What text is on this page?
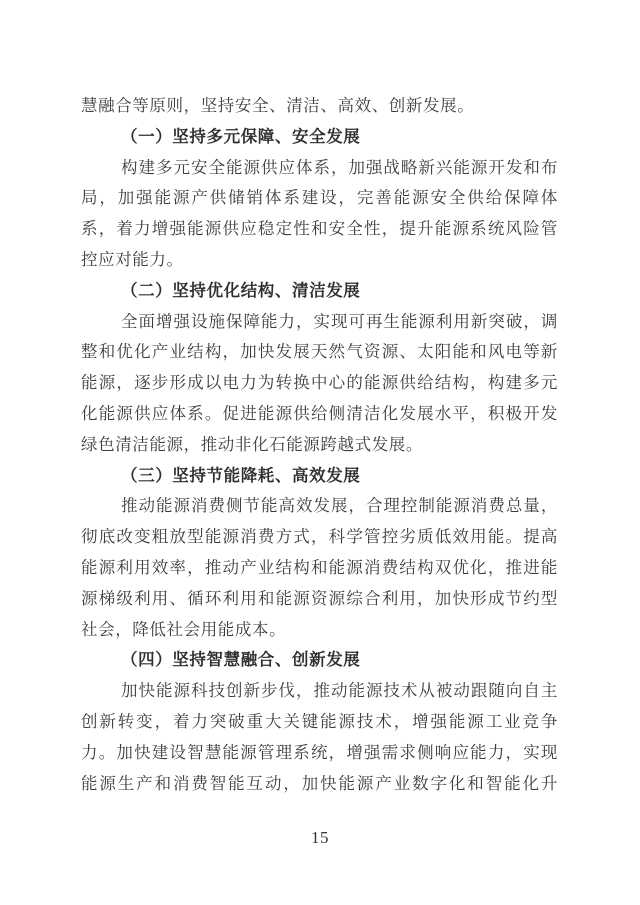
慧融合等原则，坚持安全、清洁、高效、创新发展。
（一）坚持多元保障、安全发展
构建多元安全能源供应体系，加强战略新兴能源开发和布
局，加强能源产供储销体系建设，完善能源安全供给保障体
系，着力增强能源供应稳定性和安全性，提升能源系统风险管
控应对能力。
（二）坚持优化结构、清洁发展
全面增强设施保障能力，实现可再生能源利用新突破，调
整和优化产业结构，加快发展天然气资源、太阳能和风电等新
能源，逐步形成以电力为转换中心的能源供给结构，构建多元
化能源供应体系。促进能源供给侧清洁化发展水平，积极开发
绿色清洁能源，推动非化石能源跨越式发展。
（三）坚持节能降耗、高效发展
推动能源消费侧节能高效发展，合理控制能源消费总量，
彻底改变粗放型能源消费方式，科学管控劣质低效用能。提高
能源利用效率，推动产业结构和能源消费结构双优化，推进能
源梯级利用、循环利用和能源资源综合利用，加快形成节约型
社会，降低社会用能成本。
（四）坚持智慧融合、创新发展
加快能源科技创新步伐，推动能源技术从被动跟随向自主
创新转变，着力突破重大关键能源技术，增强能源工业竞争
力。加快建设智慧能源管理系统，增强需求侧响应能力，实现
能源生产和消费智能互动，加快能源产业数字化和智能化升
15
